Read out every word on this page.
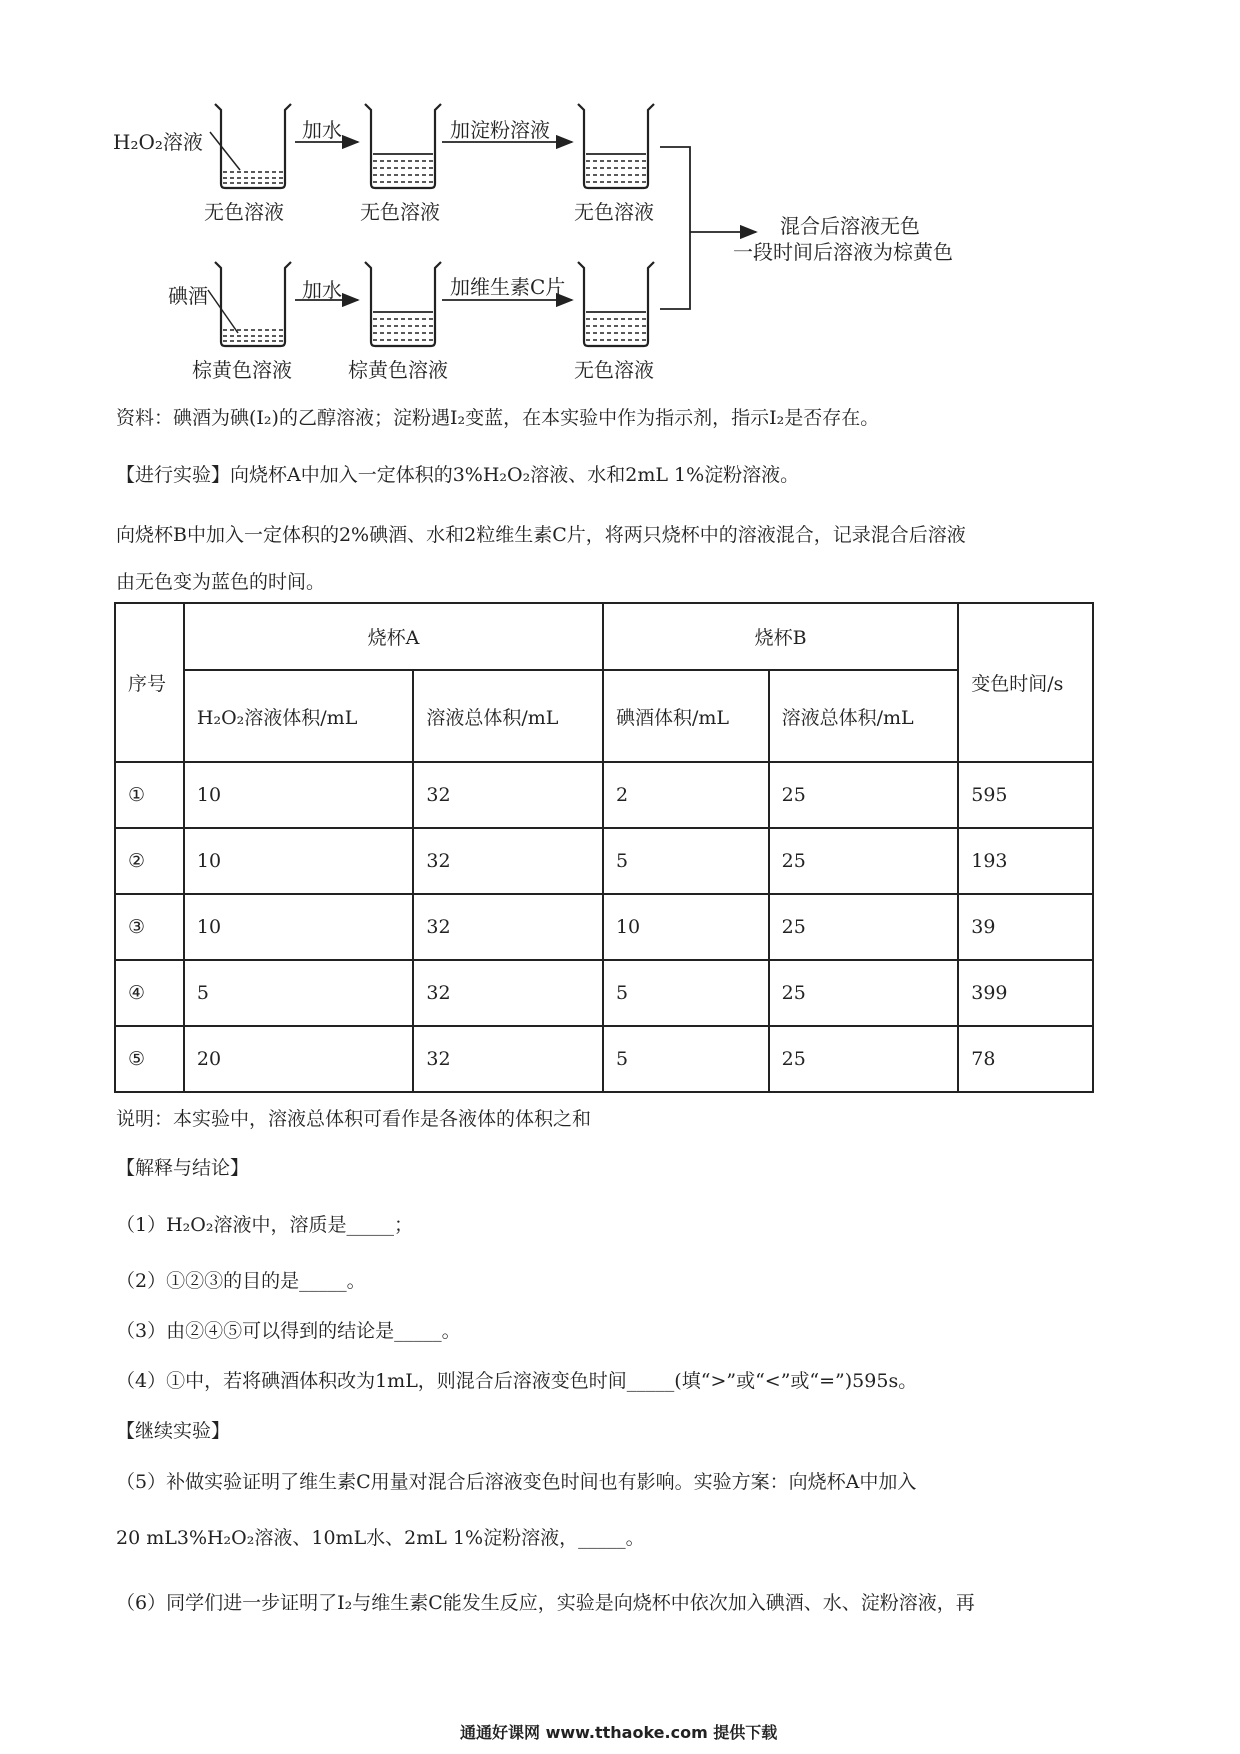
H₂O₂溶液	加水	加淀粉溶液
无色溶液	无色溶液	无色溶液
碘酒	加水	加维生素C片
棕黄色溶液	棕黄色溶液	无色溶液
混合后溶液无色
一段时间后溶液为棕黄色
资料：碘酒为碘(I₂)的乙醇溶液；淀粉遇I₂变蓝，在本实验中作为指示剂，指示I₂是否存在。
【进行实验】向烧杯A中加入一定体积的3%H₂O₂溶液、水和2mL 1%淀粉溶液。
向烧杯B中加入一定体积的2%碘酒、水和2粒维生素C片，将两只烧杯中的溶液混合，记录混合后溶液
由无色变为蓝色的时间。
序号	烧杯A		烧杯B		变色时间/s
	H₂O₂溶液体积/mL	溶液总体积/mL	碘酒体积/mL	溶液总体积/mL	
①	10	32	2	25	595
②	10	32	5	25	193
③	10	32	10	25	39
④	5	32	5	25	399
⑤	20	32	5	25	78
说明：本实验中，溶液总体积可看作是各液体的体积之和
【解释与结论】
（1）H₂O₂溶液中，溶质是_____；
（2）①②③的目的是_____。
（3）由②④⑤可以得到的结论是_____。
（4）①中，若将碘酒体积改为1mL，则混合后溶液变色时间_____(填“>”或“<”或“=”)595s。
【继续实验】
（5）补做实验证明了维生素C用量对混合后溶液变色时间也有影响。实验方案：向烧杯A中加入
20 mL3%H₂O₂溶液、10mL水、2mL 1%淀粉溶液，_____。
（6）同学们进一步证明了I₂与维生素C能发生反应，实验是向烧杯中依次加入碘酒、水、淀粉溶液，再
通通好课网 www.tthaoke.com 提供下载
